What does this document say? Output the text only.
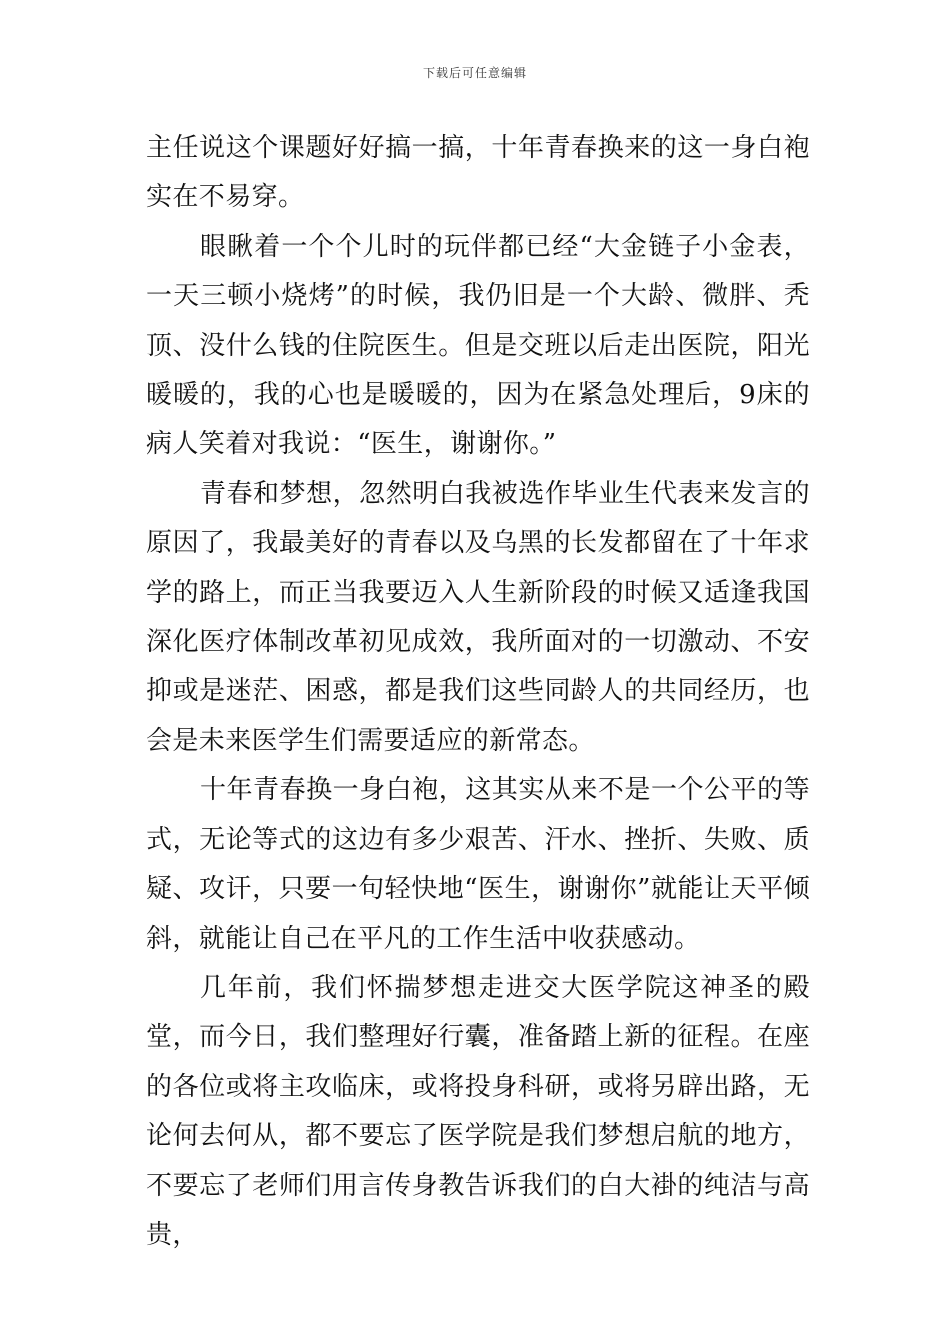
下载后可任意编辑

主任说这个课题好好搞一搞，十年青春换来的这一身白袍实在不易穿。

眼瞅着一个个儿时的玩伴都已经“大金链子小金表，一天三顿小烧烤”的时候，我仍旧是一个大龄、微胖、秃顶、没什么钱的住院医生。但是交班以后走出医院，阳光暖暖的，我的心也是暖暖的，因为在紧急处理后，9床的病人笑着对我说：“医生，谢谢你。”

青春和梦想，忽然明白我被选作毕业生代表来发言的原因了，我最美好的青春以及乌黑的长发都留在了十年求学的路上，而正当我要迈入人生新阶段的时候又适逢我国深化医疗体制改革初见成效，我所面对的一切激动、不安抑或是迷茫、困惑，都是我们这些同龄人的共同经历，也会是未来医学生们需要适应的新常态。

十年青春换一身白袍，这其实从来不是一个公平的等式，无论等式的这边有多少艰苦、汗水、挫折、失败、质疑、攻讦，只要一句轻快地“医生，谢谢你”就能让天平倾斜，就能让自己在平凡的工作生活中收获感动。

几年前，我们怀揣梦想走进交大医学院这神圣的殿堂，而今日，我们整理好行囊，准备踏上新的征程。在座的各位或将主攻临床，或将投身科研，或将另辟出路，无论何去何从，都不要忘了医学院是我们梦想启航的地方，不要忘了老师们用言传身教告诉我们的白大褂的纯洁与高贵，
